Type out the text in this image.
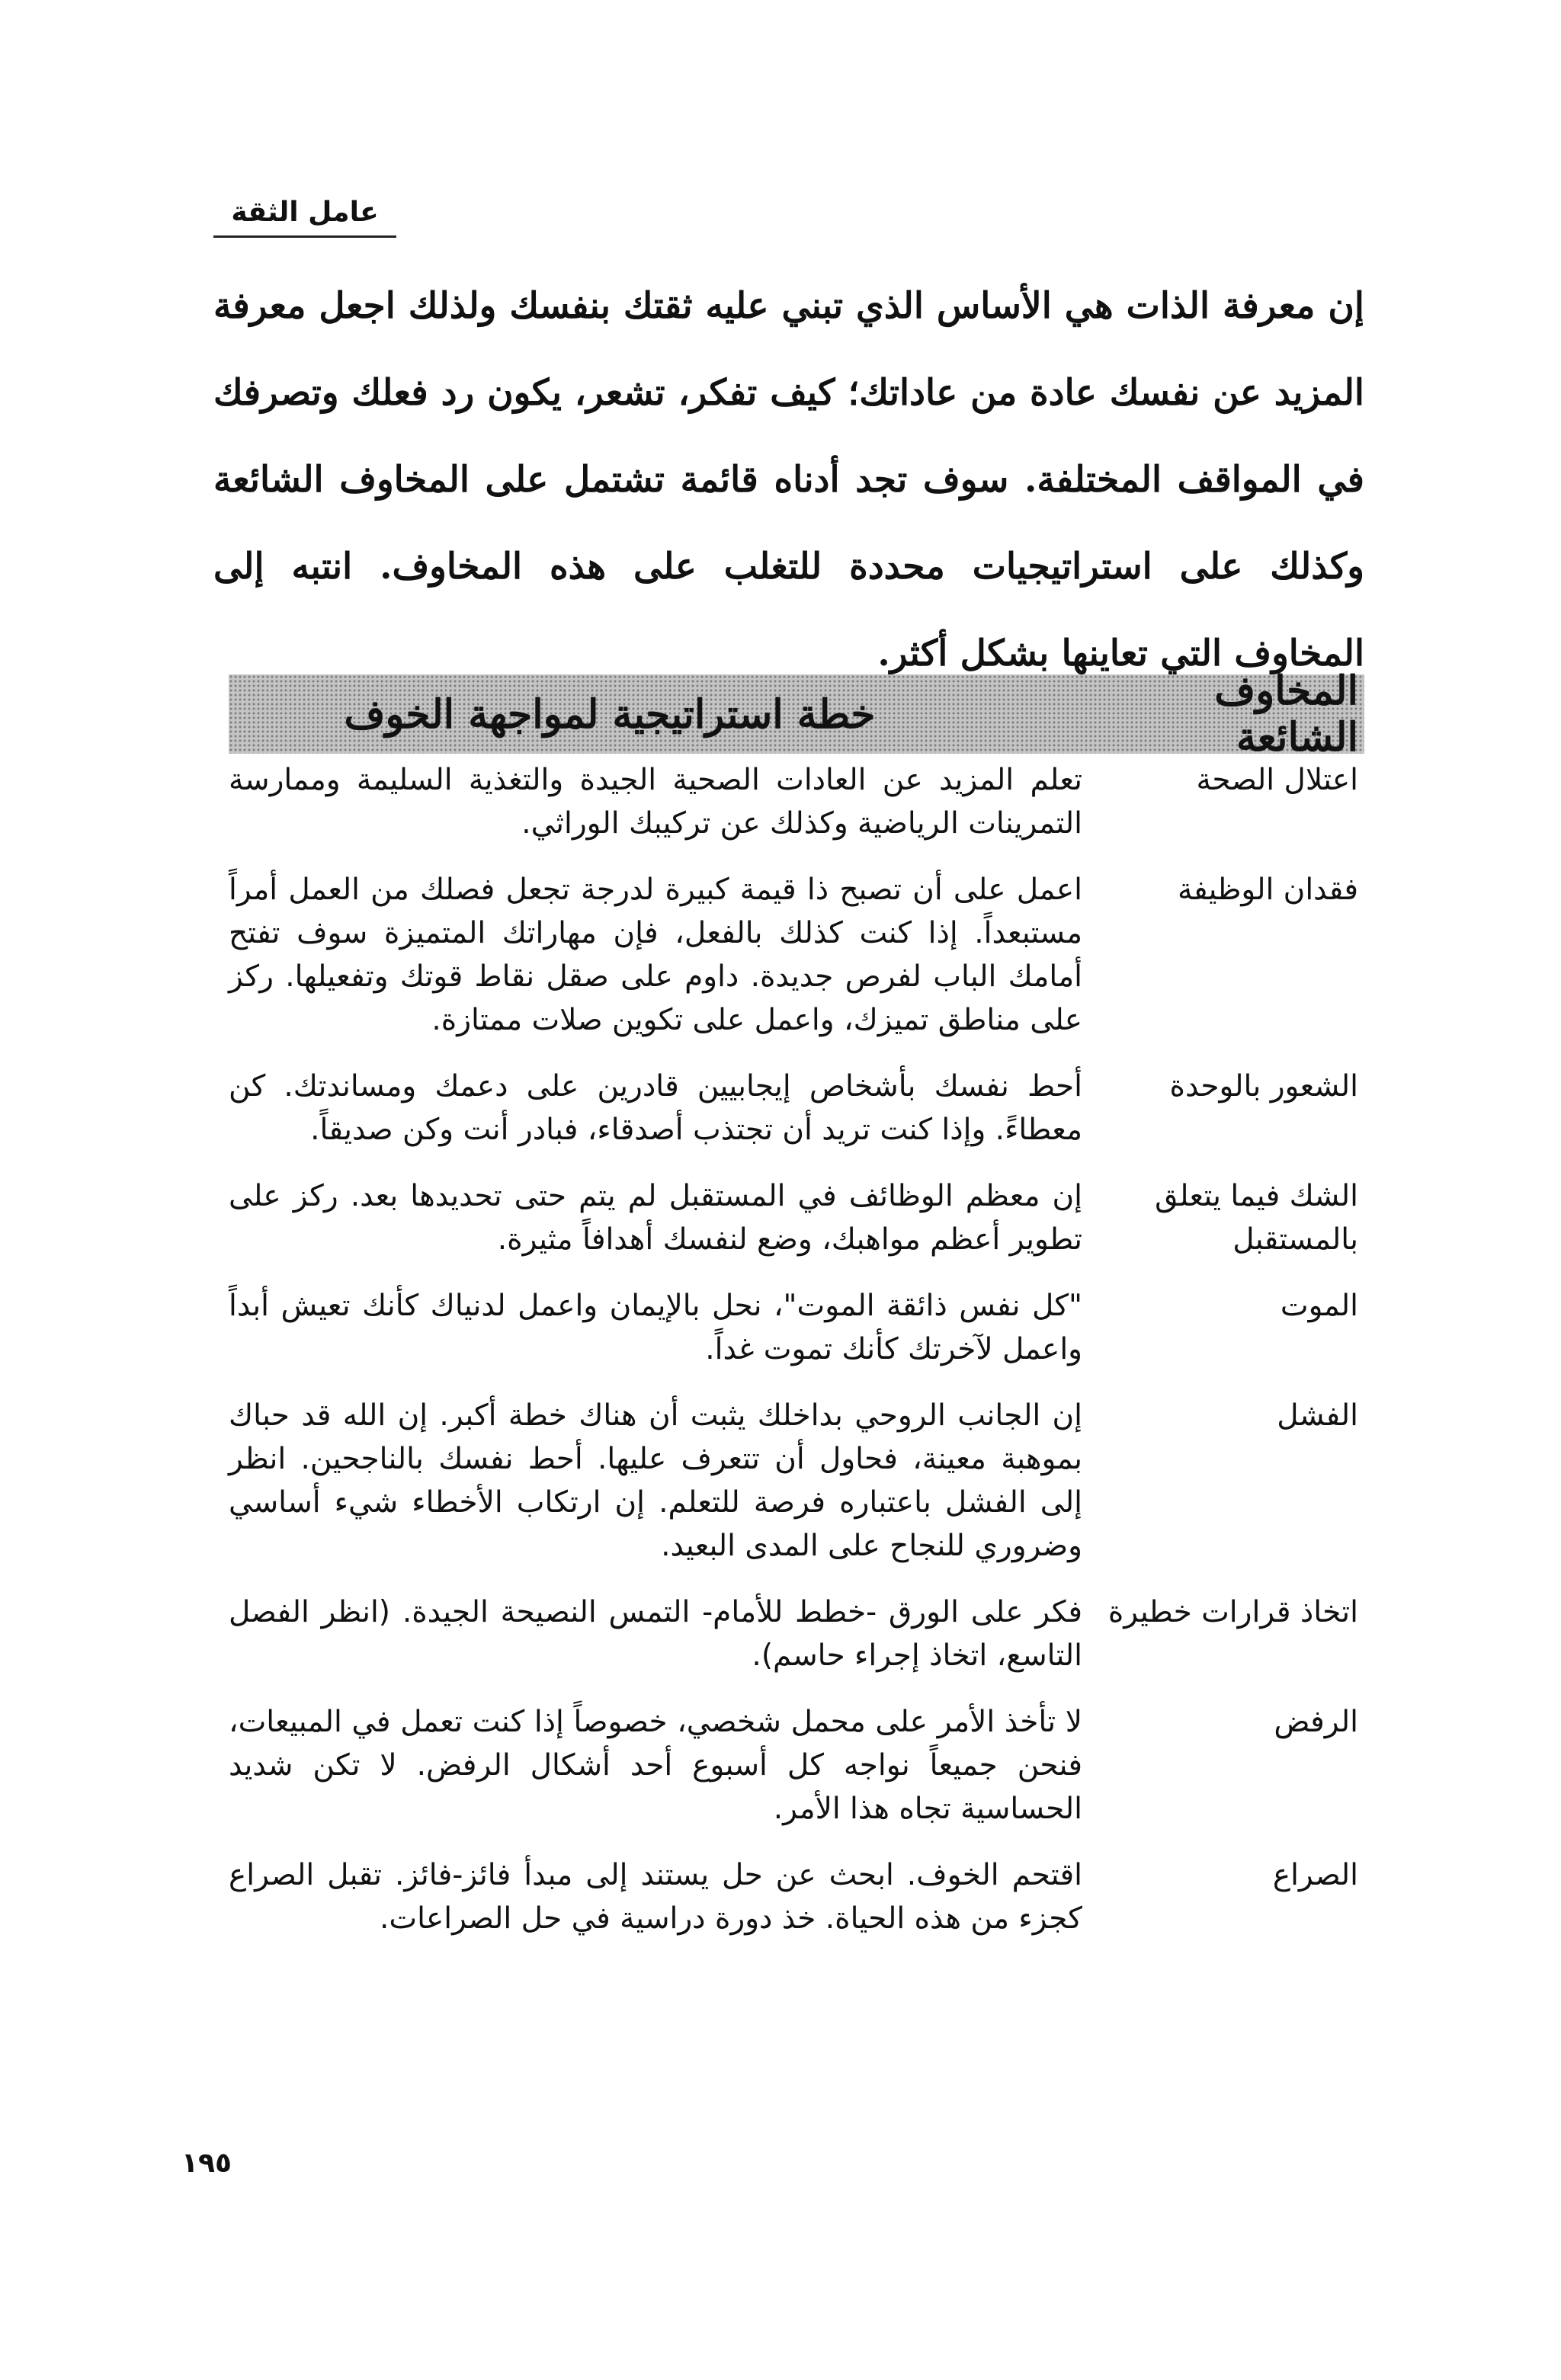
عامل الثقة

إن معرفة الذات هي الأساس الذي تبني عليه ثقتك بنفسك ولذلك اجعل معرفة المزيد عن نفسك عادة من عاداتك؛ كيف تفكر، تشعر، يكون رد فعلك وتصرفك في المواقف المختلفة. سوف تجد أدناه قائمة تشتمل على المخاوف الشائعة وكذلك على استراتيجيات محددة للتغلب على هذه المخاوف. انتبه إلى المخاوف التي تعاينها بشكل أكثر.

المخاوف الشائعة
خطة استراتيجية لمواجهة الخوف
اعتلال الصحة
تعلم المزيد عن العادات الصحية الجيدة والتغذية السليمة وممارسة التمرينات الرياضية وكذلك عن تركيبك الوراثي.
فقدان الوظيفة
اعمل على أن تصبح ذا قيمة كبيرة لدرجة تجعل فصلك من العمل أمراً مستبعداً. إذا كنت كذلك بالفعل، فإن مهاراتك المتميزة سوف تفتح أمامك الباب لفرص جديدة. داوم على صقل نقاط قوتك وتفعيلها. ركز على مناطق تميزك، واعمل على تكوين صلات ممتازة.
الشعور بالوحدة
أحط نفسك بأشخاص إيجابيين قادرين على دعمك ومساندتك. كن معطاءً. وإذا كنت تريد أن تجتذب أصدقاء، فبادر أنت وكن صديقاً.
الشك فيما يتعلق بالمستقبل
إن معظم الوظائف في المستقبل لم يتم حتى تحديدها بعد. ركز على تطوير أعظم مواهبك، وضع لنفسك أهدافاً مثيرة.
الموت
"كل نفس ذائقة الموت"، نحل بالإيمان واعمل لدنياك كأنك تعيش أبداً واعمل لآخرتك كأنك تموت غداً.
الفشل
إن الجانب الروحي بداخلك يثبت أن هناك خطة أكبر. إن الله قد حباك بموهبة معينة، فحاول أن تتعرف عليها. أحط نفسك بالناجحين. انظر إلى الفشل باعتباره فرصة للتعلم. إن ارتكاب الأخطاء شيء أساسي وضروري للنجاح على المدى البعيد.
اتخاذ قرارات خطيرة
فكر على الورق -خطط للأمام- التمس النصيحة الجيدة. (انظر الفصل التاسع، اتخاذ إجراء حاسم).
الرفض
لا تأخذ الأمر على محمل شخصي، خصوصاً إذا كنت تعمل في المبيعات، فنحن جميعاً نواجه كل أسبوع أحد أشكال الرفض. لا تكن شديد الحساسية تجاه هذا الأمر.
الصراع
اقتحم الخوف. ابحث عن حل يستند إلى مبدأ فائز-فائز. تقبل الصراع كجزء من هذه الحياة. خذ دورة دراسية في حل الصراعات.
١٩٥
